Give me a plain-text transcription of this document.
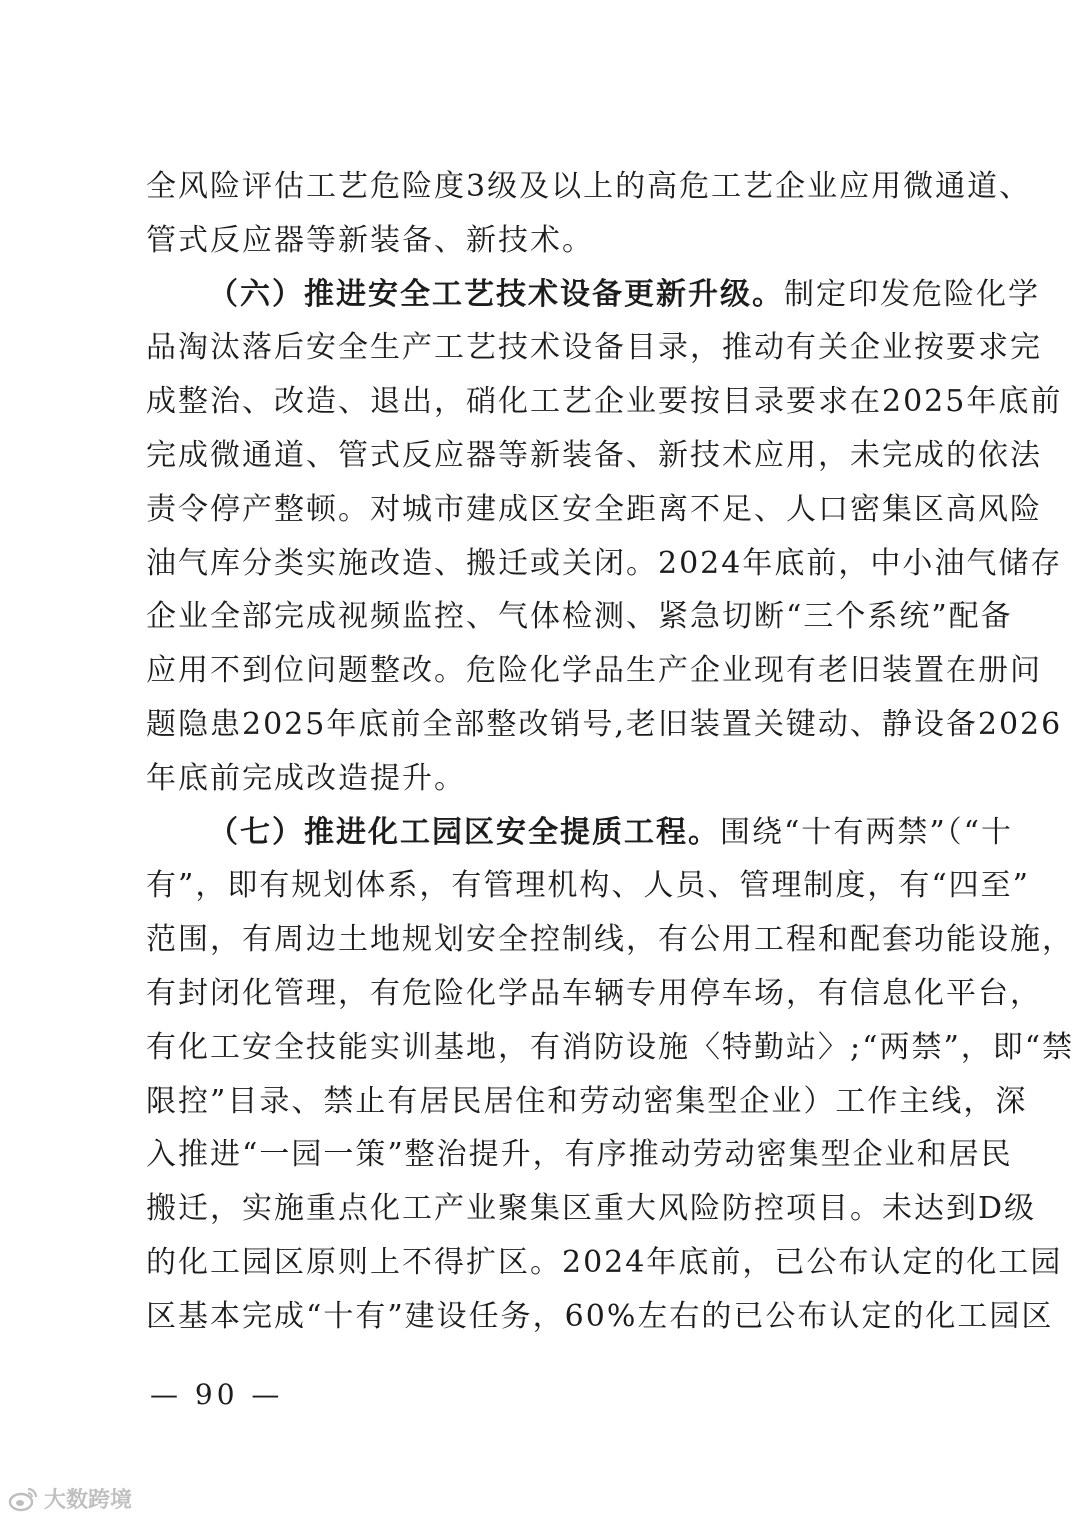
全风险评估工艺危险度3级及以上的高危工艺企业应用微通道、
管式反应器等新装备、新技术。
（六）推进安全工艺技术设备更新升级。制定印发危险化学
品淘汰落后安全生产工艺技术设备目录，推动有关企业按要求完
成整治、改造、退出，硝化工艺企业要按目录要求在2025年底前
完成微通道、管式反应器等新装备、新技术应用，未完成的依法
责令停产整顿。对城市建成区安全距离不足、人口密集区高风险
油气库分类实施改造、搬迁或关闭。2024年底前，中小油气储存
企业全部完成视频监控、气体检测、紧急切断“三个系统”配备
应用不到位问题整改。危险化学品生产企业现有老旧装置在册问
题隐患2025年底前全部整改销号,老旧装置关键动、静设备2026
年底前完成改造提升。
（七）推进化工园区安全提质工程。围绕“十有两禁”（“十
有”，即有规划体系，有管理机构、人员、管理制度，有“四至”
范围，有周边土地规划安全控制线，有公用工程和配套功能设施，
有封闭化管理，有危险化学品车辆专用停车场，有信息化平台，
有化工安全技能实训基地，有消防设施〈特勤站〉;“两禁”，即“禁
限控”目录、禁止有居民居住和劳动密集型企业）工作主线，深
入推进“一园一策”整治提升，有序推动劳动密集型企业和居民
搬迁，实施重点化工产业聚集区重大风险防控项目。未达到D级
的化工园区原则上不得扩区。2024年底前，已公布认定的化工园
区基本完成“十有”建设任务，60%左右的已公布认定的化工园区
— 90 —
大数跨境
